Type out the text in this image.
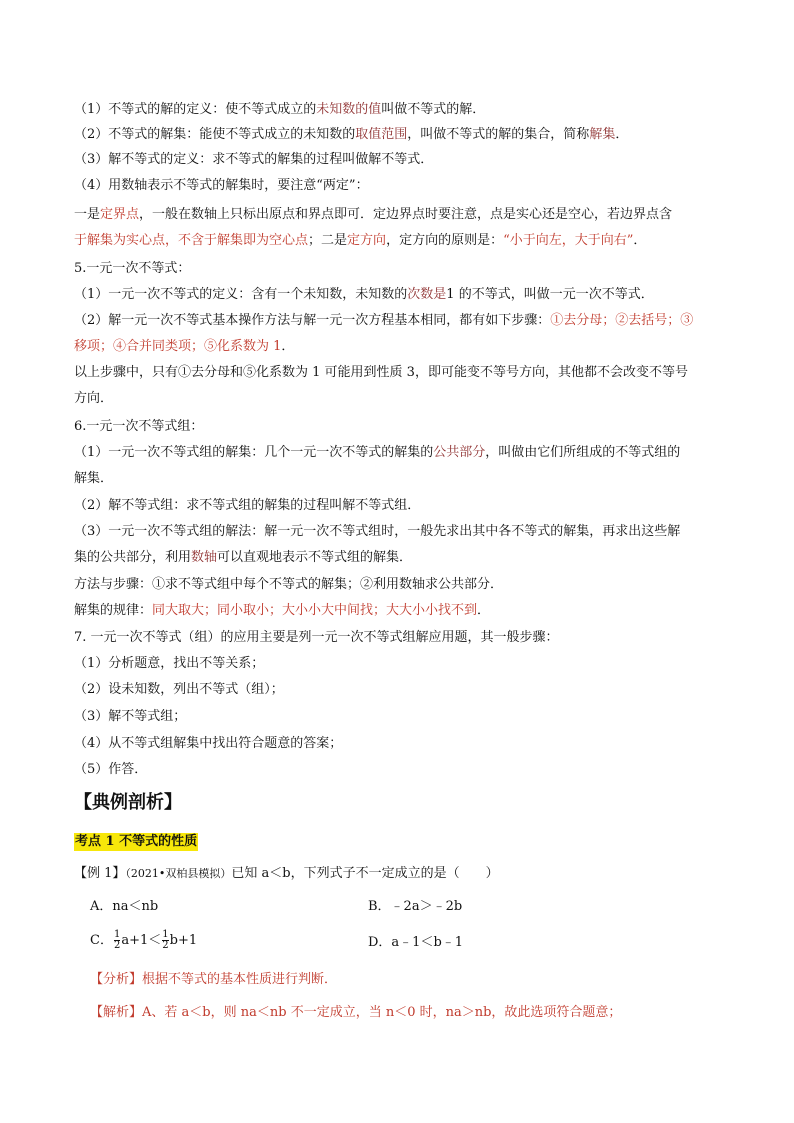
（1）不等式的解的定义：使不等式成立的未知数的值叫做不等式的解．
（2）不等式的解集：能使不等式成立的未知数的取值范围，叫做不等式的解的集合，简称解集．
（3）解不等式的定义：求不等式的解集的过程叫做解不等式．
（4）用数轴表示不等式的解集时，要注意“两定”：
一是定界点，一般在数轴上只标出原点和界点即可．定边界点时要注意，点是实心还是空心，若边界点含
于解集为实心点，不含于解集即为空心点；二是定方向，定方向的原则是：“小于向左，大于向右”．
5.一元一次不等式：
（1）一元一次不等式的定义：含有一个未知数，未知数的次数是1 的不等式，叫做一元一次不等式．
（2）解一元一次不等式基本操作方法与解一元一次方程基本相同，都有如下步骤：①去分母；②去括号；③
移项；④合并同类项；⑤化系数为 1．
以上步骤中，只有①去分母和⑤化系数为 1 可能用到性质 3，即可能变不等号方向，其他都不会改变不等号
方向．
6.一元一次不等式组：
（1）一元一次不等式组的解集：几个一元一次不等式的解集的公共部分，叫做由它们所组成的不等式组的
解集．
（2）解不等式组：求不等式组的解集的过程叫解不等式组．
（3）一元一次不等式组的解法：解一元一次不等式组时，一般先求出其中各不等式的解集，再求出这些解
集的公共部分，利用数轴可以直观地表示不等式组的解集．
方法与步骤：①求不等式组中每个不等式的解集；②利用数轴求公共部分．
解集的规律：同大取大；同小取小；大小小大中间找；大大小小找不到．
7. 一元一次不等式（组）的应用主要是列一元一次不等式组解应用题，其一般步骤：
（1）分析题意，找出不等关系；
（2）设未知数，列出不等式（组）；
（3）解不等式组；
（4）从不等式组解集中找出符合题意的答案；
（5）作答．
【典例剖析】
考点 1 不等式的性质
【例 1】（2021•双柏县模拟）已知 a＜b，下列式子不一定成立的是（　　）
A．na＜nb	B．﹣2a＞﹣2b
C． $\frac{1}{2} a+1< \frac{1}{2} b+1$	D．a﹣1＜b﹣1
【分析】根据不等式的基本性质进行判断．
【解析】A、若 a＜b，则 na＜nb 不一定成立，当 n＜0 时，na＞nb，故此选项符合题意；
